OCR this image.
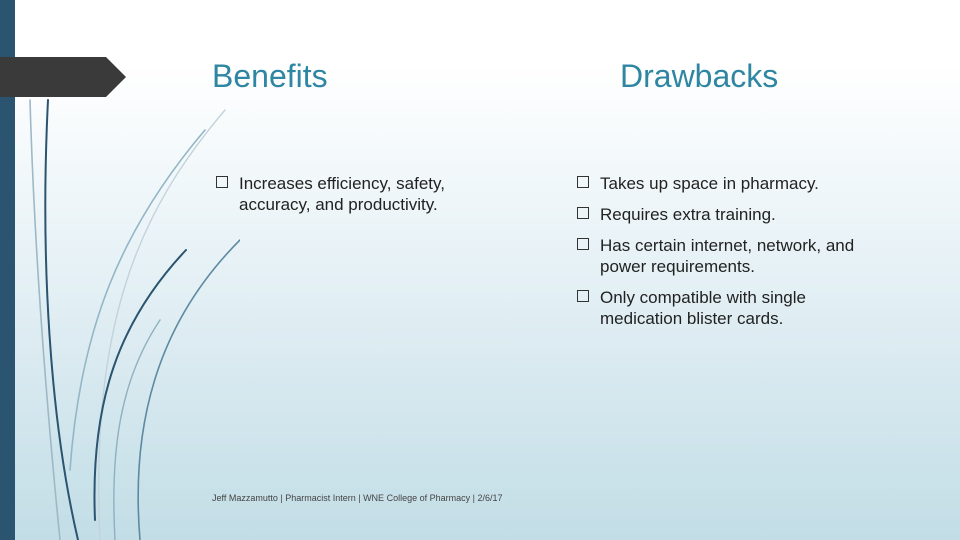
Benefits	Drawbacks
Increases efficiency, safety, accuracy, and productivity.
Takes up space in pharmacy.
Requires extra training.
Has certain internet, network, and power requirements.
Only compatible with single medication blister cards.
Jeff Mazzamutto | Pharmacist Intern | WNE College of Pharmacy | 2/6/17
